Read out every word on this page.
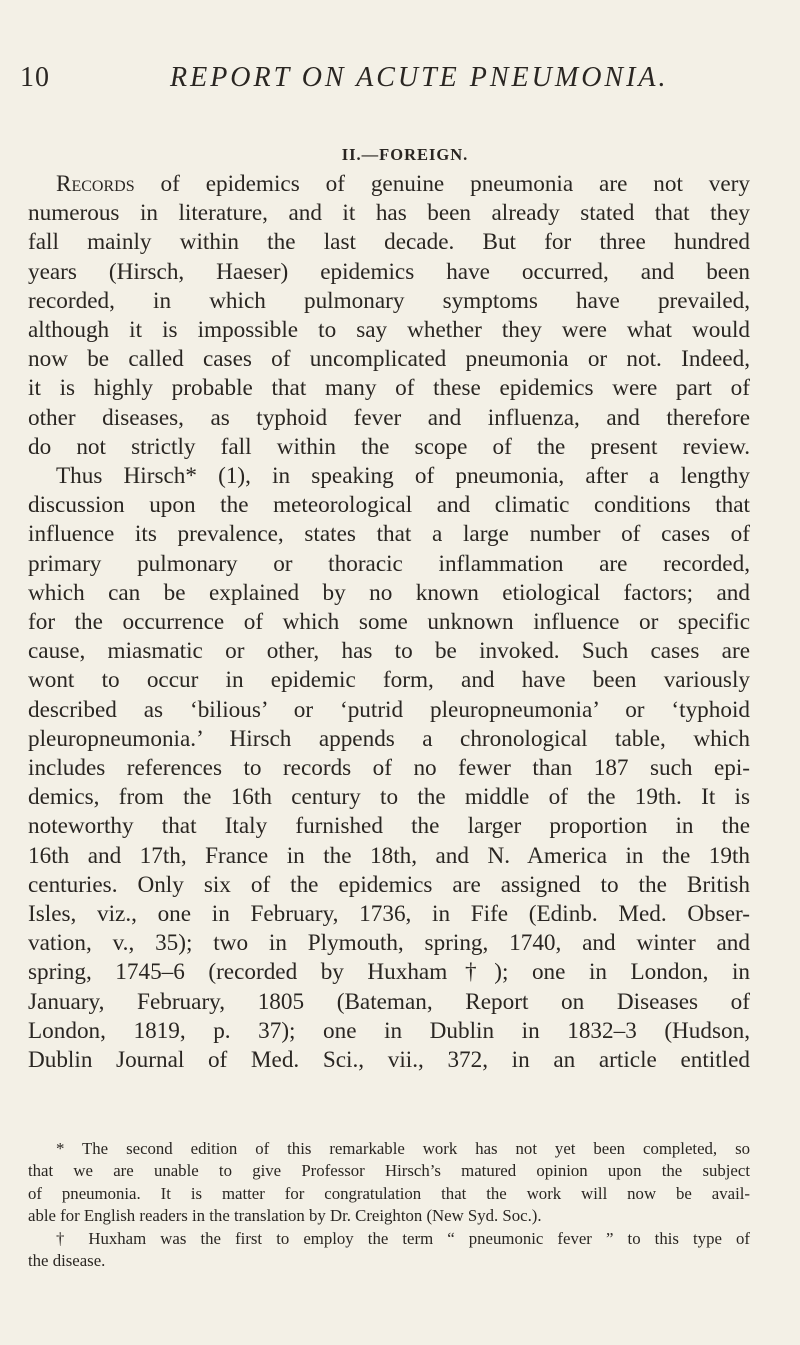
10	REPORT ON ACUTE PNEUMONIA.
II.—FOREIGN.
Records of epidemics of genuine pneumonia are not very
numerous in literature, and it has been already stated that they
fall mainly within the last decade. But for three hundred
years (Hirsch, Haeser) epidemics have occurred, and been
recorded, in which pulmonary symptoms have prevailed,
although it is impossible to say whether they were what would
now be called cases of uncomplicated pneumonia or not. Indeed,
it is highly probable that many of these epidemics were part of
other diseases, as typhoid fever and influenza, and therefore
do not strictly fall within the scope of the present review.
Thus Hirsch* (1), in speaking of pneumonia, after a lengthy
discussion upon the meteorological and climatic conditions that
influence its prevalence, states that a large number of cases of
primary pulmonary or thoracic inflammation are recorded,
which can be explained by no known etiological factors; and
for the occurrence of which some unknown influence or specific
cause, miasmatic or other, has to be invoked. Such cases are
wont to occur in epidemic form, and have been variously
described as ‘bilious’ or ‘putrid pleuropneumonia’ or ‘typhoid
pleuropneumonia.’ Hirsch appends a chronological table, which
includes references to records of no fewer than 187 such epi-
demics, from the 16th century to the middle of the 19th. It is
noteworthy that Italy furnished the larger proportion in the
16th and 17th, France in the 18th, and N. America in the 19th
centuries. Only six of the epidemics are assigned to the British
Isles, viz., one in February, 1736, in Fife (Edinb. Med. Obser-
vation, v., 35); two in Plymouth, spring, 1740, and winter and
spring, 1745–6 (recorded by Huxham†); one in London, in
January, February, 1805 (Bateman, Report on Diseases of
London, 1819, p. 37); one in Dublin in 1832–3 (Hudson,
Dublin Journal of Med. Sci., vii., 372, in an article entitled
* The second edition of this remarkable work has not yet been completed, so
that we are unable to give Professor Hirsch’s matured opinion upon the subject
of pneumonia. It is matter for congratulation that the work will now be avail-
able for English readers in the translation by Dr. Creighton (New Syd. Soc.).
† Huxham was the first to employ the term “ pneumonic fever ” to this type of
the disease.
